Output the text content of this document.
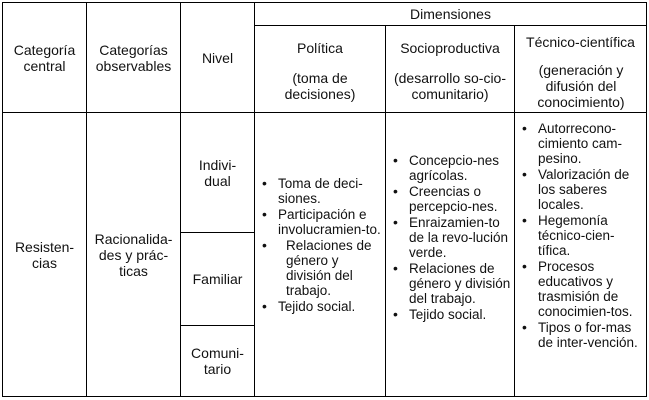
Dimensiones
Categoría central
Categorías observables	Nivel
Política
(toma de decisiones)
Socioproductiva
(desarrollo so-cio-comunitario)
Técnico-científica
(generación y difusión del conocimiento)
Resisten-cias
Racionalida-des y prác-ticas
Indivi-dual
Familiar
Comuni-tario
• Toma de deci-siones.
• Participación e involucramien-to.
• Relaciones de género y división del trabajo.
• Tejido social.
• Concepcio-nes agrícolas.
• Creencias o percepcio-nes.
• Enraizamien-to de la revo-lución verde.
• Relaciones de género y división del trabajo.
• Tejido social.
• Autorrecono-cimiento cam-pesino.
• Valorización de los saberes locales.
• Hegemonía técnico-cien-tífica.
• Procesos educativos y trasmisión de conocimien-tos.
• Tipos o for-mas de inter-vención.
